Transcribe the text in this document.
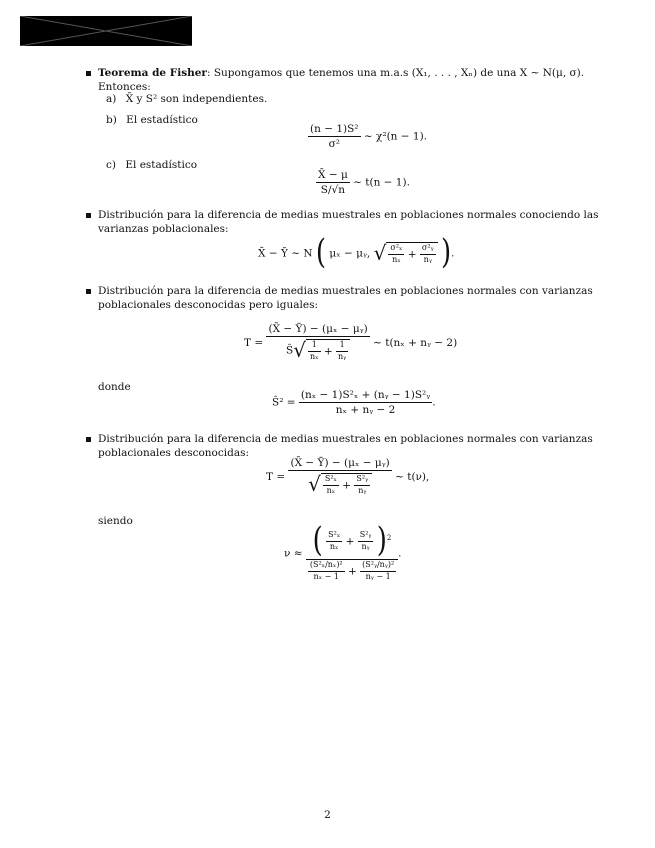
Teorema de Fisher: Supongamos que tenemos una m.a.s (X₁, . . . , Xₙ) de una X ∼ N(μ, σ). Entonces:
a) X̄ y S² son independientes.
b) El estadístico
$\frac{\text{(n − 1)S²}}{\text{σ²}}$ ∼ χ²(n − 1).
c) El estadístico
$\frac{X̄ - \mu}{S/√n}$ ∼ t(n − 1).
Distribución para la diferencia de medias muestrales en poblaciones normales conociendo las varianzas poblacionales:
X̄ − Ȳ ∼ N ( μₓ − μᵧ, √ $\frac{\text{σ²ₓ}}{\text{nₓ}} + \frac{\text{σ²ᵧ}}{\text{nᵧ}}$ ).
Distribución para la diferencia de medias muestrales en poblaciones normales con varianzas poblacionales desconocidas pero iguales:
$T = \frac{\text{(X̄ − Ȳ) − (μₓ − μᵧ)}}{Ŝ√ \frac{1}{\text{nₓ}} + \frac{1}{\text{nᵧ}}}$ ∼ t(nₓ + nᵧ − 2)
donde
Ŝ² = $\frac{\text{(nₓ − 1)S²ₓ + (nᵧ − 1)S²ᵧ}}{\text{nₓ + nᵧ − 2}}$ .
Distribución para la diferencia de medias muestrales en poblaciones normales con varianzas poblacionales desconocidas:
$T = \frac{\text{(X̄ − Ȳ) − (μₓ − μᵧ)}}{√ \frac{\text{S²ₓ}}{\text{nₓ}} + \frac{\text{S²ᵧ}}{\text{nᵧ}}}$ ∼ t(ν),
siendo
$\nu \approx \frac{( \frac{\text{S²ₓ}}{\text{nₓ}} + \frac{\text{S²ᵧ}}{\text{nᵧ}} )^2}{\frac{\text{(S²ₓ/nₓ)²}}{\text{nₓ − 1}} + \frac{\text{(S²ᵧ/nᵧ)²}}{\text{nᵧ − 1}}}$ .
2
